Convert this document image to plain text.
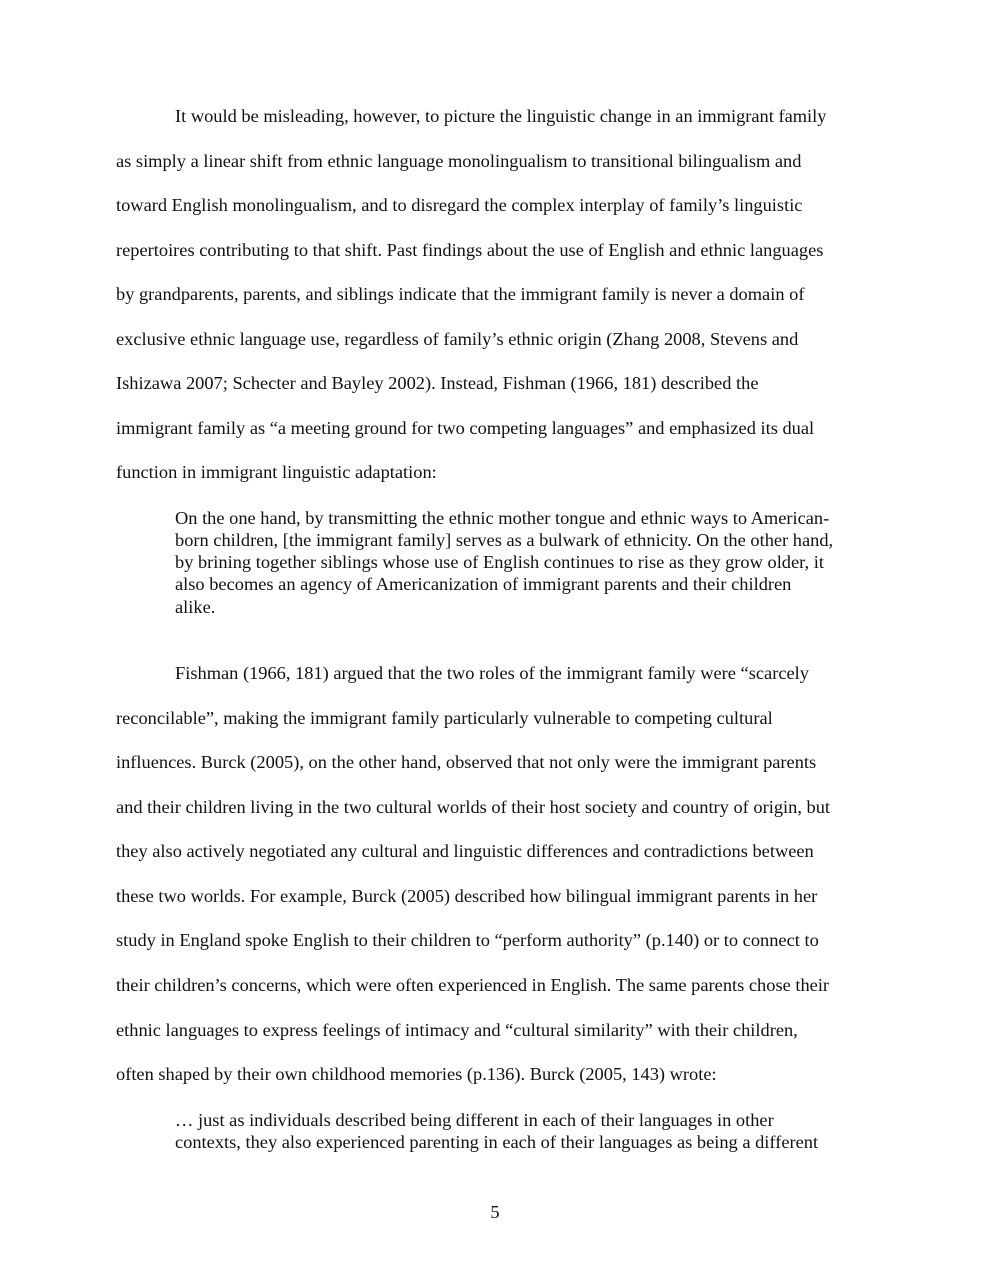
It would be misleading, however, to picture the linguistic change in an immigrant family
as simply a linear shift from ethnic language monolingualism to transitional bilingualism and
toward English monolingualism, and to disregard the complex interplay of family’s linguistic
repertoires contributing to that shift. Past findings about the use of English and ethnic languages
by grandparents, parents, and siblings indicate that the immigrant family is never a domain of
exclusive ethnic language use, regardless of family’s ethnic origin (Zhang 2008, Stevens and
Ishizawa 2007; Schecter and Bayley 2002). Instead, Fishman (1966, 181) described the
immigrant family as “a meeting ground for two competing languages” and emphasized its dual
function in immigrant linguistic adaptation:
On the one hand, by transmitting the ethnic mother tongue and ethnic ways to American-
born children, [the immigrant family] serves as a bulwark of ethnicity. On the other hand,
by brining together siblings whose use of English continues to rise as they grow older, it
also becomes an agency of Americanization of immigrant parents and their children
alike.
Fishman (1966, 181) argued that the two roles of the immigrant family were “scarcely
reconcilable”, making the immigrant family particularly vulnerable to competing cultural
influences. Burck (2005), on the other hand, observed that not only were the immigrant parents
and their children living in the two cultural worlds of their host society and country of origin, but
they also actively negotiated any cultural and linguistic differences and contradictions between
these two worlds. For example, Burck (2005) described how bilingual immigrant parents in her
study in England spoke English to their children to “perform authority” (p.140) or to connect to
their children’s concerns, which were often experienced in English. The same parents chose their
ethnic languages to express feelings of intimacy and “cultural similarity” with their children,
often shaped by their own childhood memories (p.136). Burck (2005, 143) wrote:
… just as individuals described being different in each of their languages in other
contexts, they also experienced parenting in each of their languages as being a different
5
